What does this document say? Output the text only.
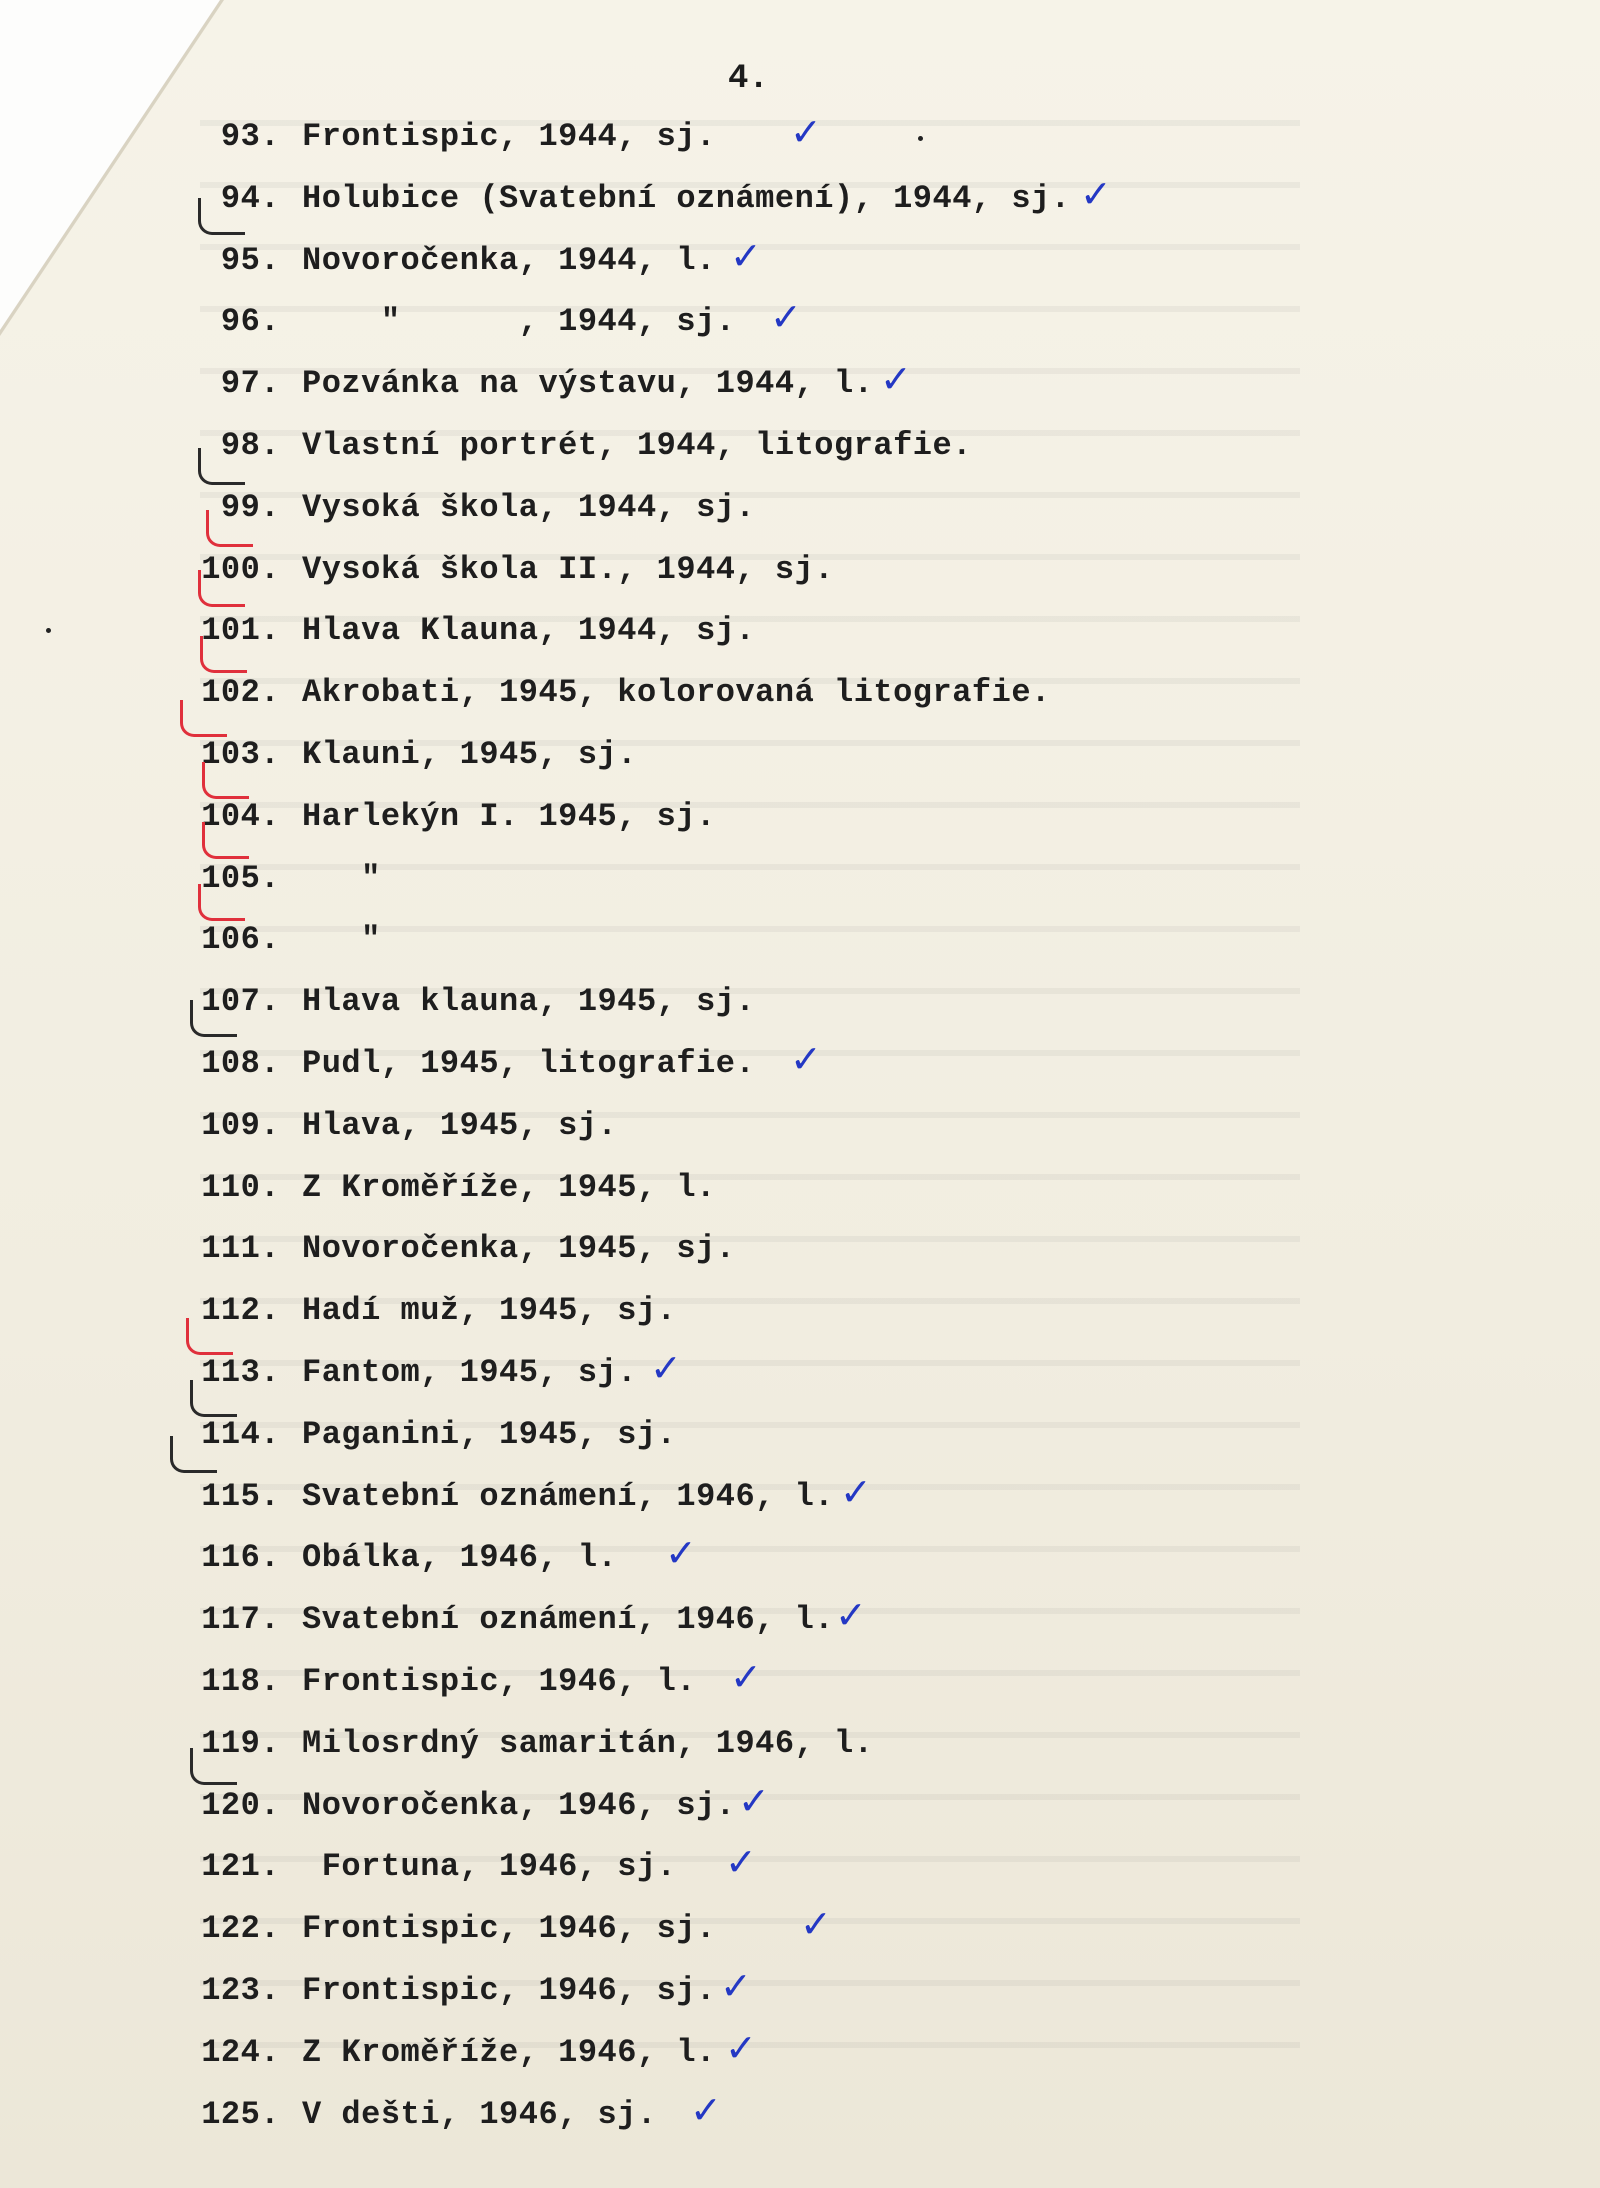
4.
93. Frontispic, 1944, sj. ✓
94. Holubice (Svatební oznámení), 1944, sj. ✓
95. Novoročenka, 1944, l. ✓
96. "      , 1944, sj. ✓
97. Pozvánka na výstavu, 1944, l. ✓
98. Vlastní portrét, 1944, litografie.
99. Vysoká škola, 1944, sj.
100. Vysoká škola II., 1944, sj.
101. Hlava Klauna, 1944, sj.
102. Akrobati, 1945, kolorovaná litografie.
103. Klauni, 1945, sj.
104. Harlekýn I. 1945, sj.
105. "
106. "
107. Hlava klauna, 1945, sj.
108. Pudl, 1945, litografie. ✓
109. Hlava, 1945, sj.
110. Z Kroměříže, 1945, l.
111. Novoročenka, 1945, sj.
112. Hadí muž, 1945, sj.
113. Fantom, 1945, sj. ✓
114. Paganini, 1945, sj.
115. Svatební oznámení, 1946, l. ✓
116. Obálka, 1946, l. ✓
117. Svatební oznámení, 1946, l. ✓
118. Frontispic, 1946, l. ✓
119. Milosrdný samaritán, 1946, l.
120. Novoročenka, 1946, sj. ✓
121. Fortuna, 1946, sj. ✓
122. Frontispic, 1946, sj. ✓
123. Frontispic, 1946, sj. ✓
124. Z Kroměříže, 1946, l. ✓
125. V dešti, 1946, sj. ✓
